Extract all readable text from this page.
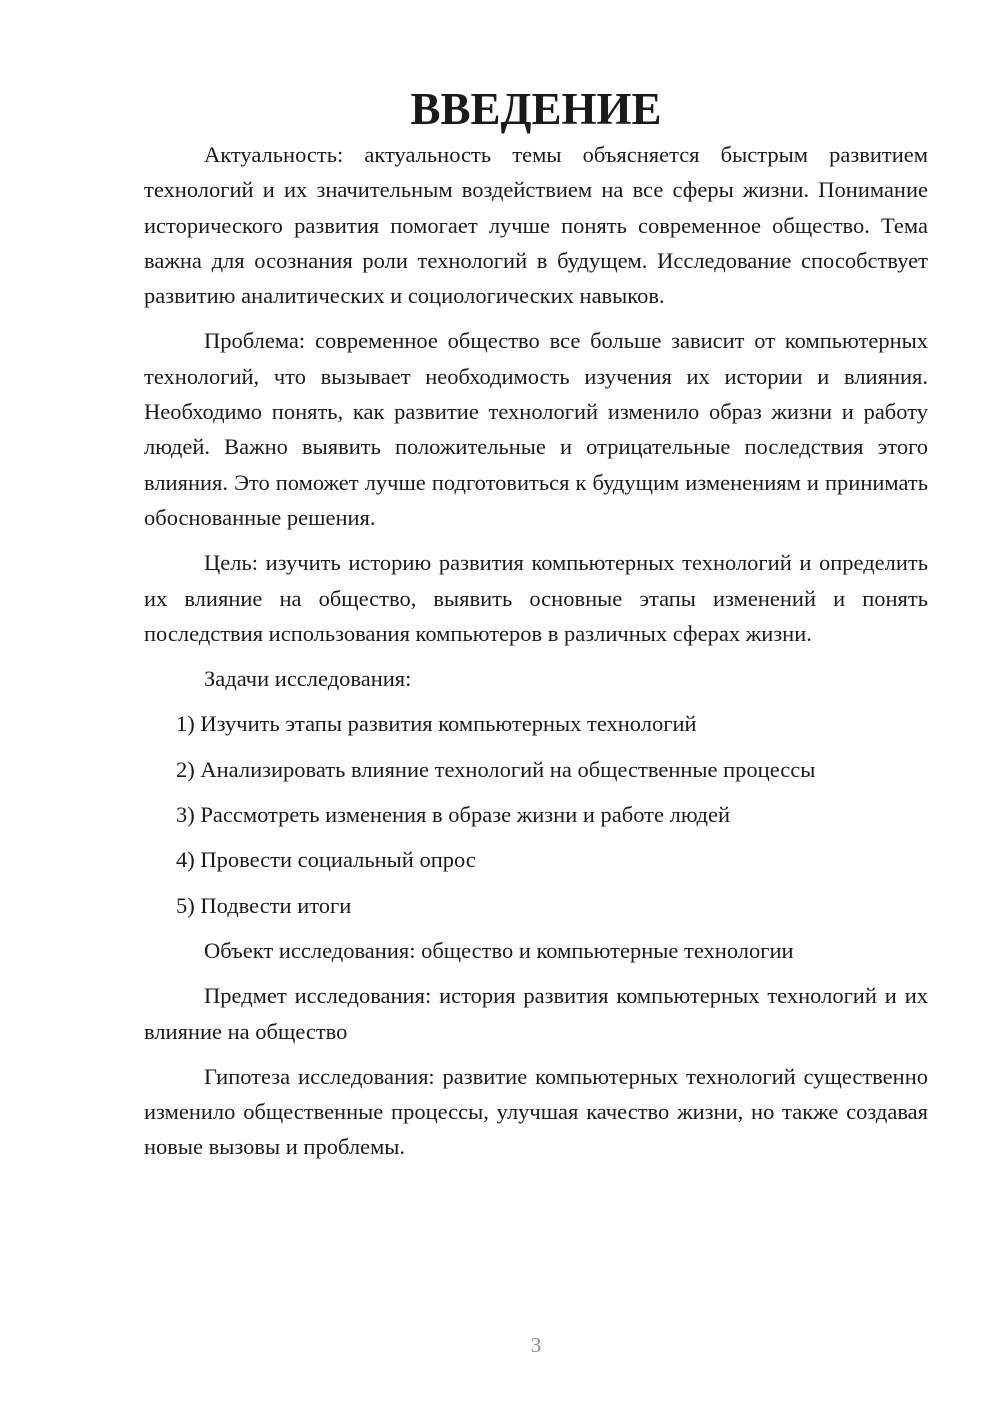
ВВЕДЕНИЕ

Актуальность: актуальность темы объясняется быстрым развитием технологий и их значительным воздействием на все сферы жизни. Понимание исторического развития помогает лучше понять современное общество. Тема важна для осознания роли технологий в будущем. Исследование способствует развитию аналитических и социологических навыков.

Проблема: современное общество все больше зависит от компьютерных технологий, что вызывает необходимость изучения их истории и влияния. Необходимо понять, как развитие технологий изменило образ жизни и работу людей. Важно выявить положительные и отрицательные последствия этого влияния. Это поможет лучше подготовиться к будущим изменениям и принимать обоснованные решения.

Цель: изучить историю развития компьютерных технологий и определить их влияние на общество, выявить основные этапы изменений и понять последствия использования компьютеров в различных сферах жизни.

Задачи исследования:

1) Изучить этапы развития компьютерных технологий

2) Анализировать влияние технологий на общественные процессы

3) Рассмотреть изменения в образе жизни и работе людей

4) Провести социальный опрос

5) Подвести итоги

Объект исследования: общество и компьютерные технологии

Предмет исследования: история развития компьютерных технологий и их влияние на общество

Гипотеза исследования: развитие компьютерных технологий существенно изменило общественные процессы, улучшая качество жизни, но также создавая новые вызовы и проблемы.

3
